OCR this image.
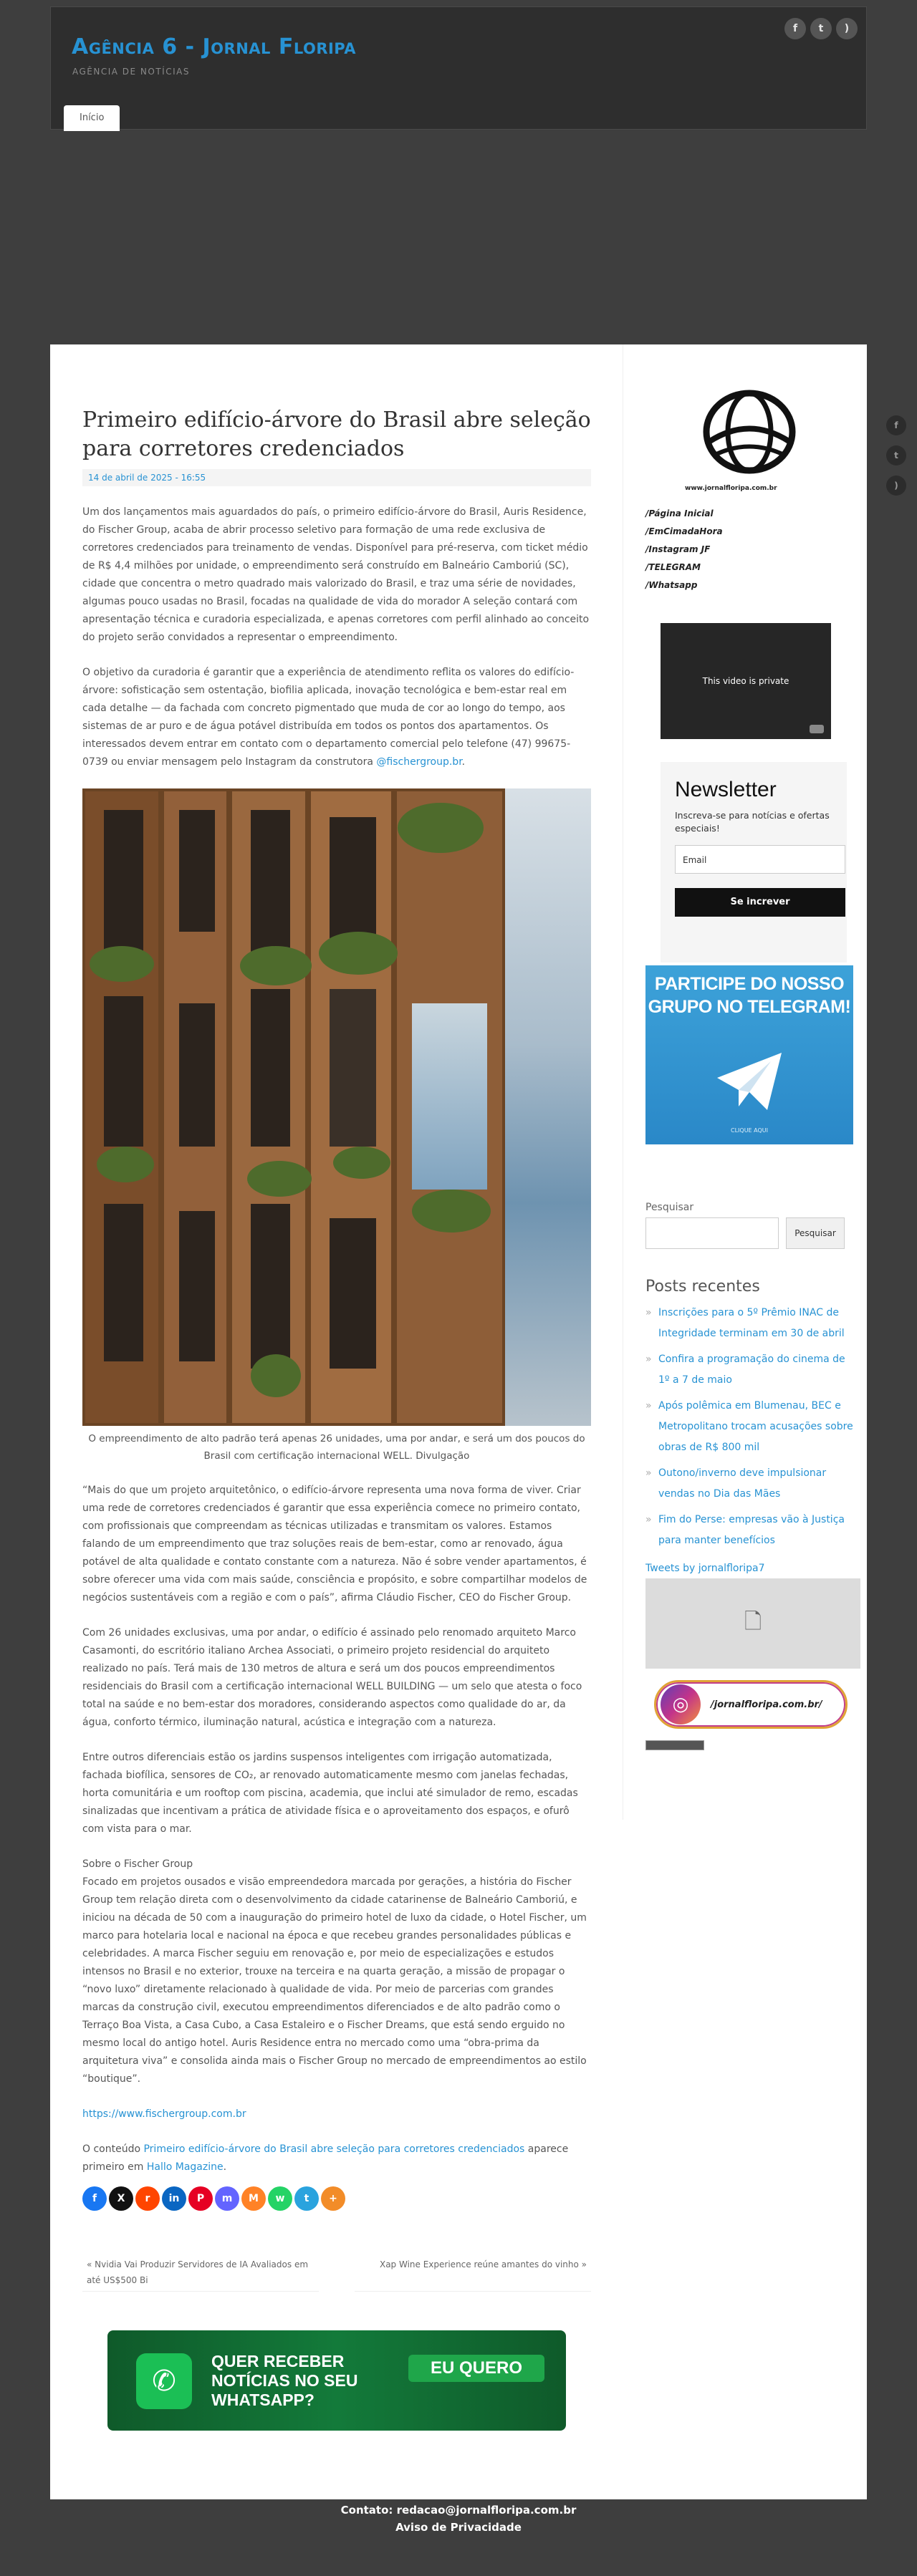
Agência 6 - Jornal Floripa
AGÊNCIA DE NOTÍCIAS
f	t	)
Início
f
t
)
Primeiro edifício-árvore do Brasil abre seleção para corretores credenciados
14 de abril de 2025 - 16:55

Um dos lançamentos mais aguardados do país, o primeiro edifício-árvore do Brasil, Auris Residence, do Fischer Group, acaba de abrir processo seletivo para formação de uma rede exclusiva de corretores credenciados para treinamento de vendas. Disponível para pré-reserva, com ticket médio de R$ 4,4 milhões por unidade, o empreendimento será construído em Balneário Camboriú (SC), cidade que concentra o metro quadrado mais valorizado do Brasil, e traz uma série de novidades, algumas pouco usadas no Brasil, focadas na qualidade de vida do morador A seleção contará com apresentação técnica e curadoria especializada, e apenas corretores com perfil alinhado ao conceito do projeto serão convidados a representar o empreendimento.

O objetivo da curadoria é garantir que a experiência de atendimento reflita os valores do edifício-árvore: sofisticação sem ostentação, biofilia aplicada, inovação tecnológica e bem-estar real em cada detalhe — da fachada com concreto pigmentado que muda de cor ao longo do tempo, aos sistemas de ar puro e de água potável distribuída em todos os pontos dos apartamentos. Os interessados devem entrar em contato com o departamento comercial pelo telefone (47) 99675-0739 ou enviar mensagem pelo Instagram da construtora @fischergroup.br.

O empreendimento de alto padrão terá apenas 26 unidades, uma por andar, e será um dos poucos do Brasil com certificação internacional WELL. Divulgação

“Mais do que um projeto arquitetônico, o edifício-árvore representa uma nova forma de viver. Criar uma rede de corretores credenciados é garantir que essa experiência comece no primeiro contato, com profissionais que compreendam as técnicas utilizadas e transmitam os valores. Estamos falando de um empreendimento que traz soluções reais de bem-estar, como ar renovado, água potável de alta qualidade e contato constante com a natureza. Não é sobre vender apartamentos, é sobre oferecer uma vida com mais saúde, consciência e propósito, e sobre compartilhar modelos de negócios sustentáveis com a região e com o país”, afirma Cláudio Fischer, CEO do Fischer Group.

Com 26 unidades exclusivas, uma por andar, o edifício é assinado pelo renomado arquiteto Marco Casamonti, do escritório italiano Archea Associati, o primeiro projeto residencial do arquiteto realizado no país. Terá mais de 130 metros de altura e será um dos poucos empreendimentos residenciais do Brasil com a certificação internacional WELL BUILDING — um selo que atesta o foco total na saúde e no bem-estar dos moradores, considerando aspectos como qualidade do ar, da água, conforto térmico, iluminação natural, acústica e integração com a natureza.

Entre outros diferenciais estão os jardins suspensos inteligentes com irrigação automatizada, fachada biofílica, sensores de CO₂, ar renovado automaticamente mesmo com janelas fechadas, horta comunitária e um rooftop com piscina, academia, que inclui até simulador de remo, escadas sinalizadas que incentivam a prática de atividade física e o aproveitamento dos espaços, e ofurô com vista para o mar.

Sobre o Fischer Group
Focado em projetos ousados e visão empreendedora marcada por gerações, a história do Fischer Group tem relação direta com o desenvolvimento da cidade catarinense de Balneário Camboriú, e iniciou na década de 50 com a inauguração do primeiro hotel de luxo da cidade, o Hotel Fischer, um marco para hotelaria local e nacional na época e que recebeu grandes personalidades públicas e celebridades. A marca Fischer seguiu em renovação e, por meio de especializações e estudos intensos no Brasil e no exterior, trouxe na terceira e na quarta geração, a missão de propagar o “novo luxo” diretamente relacionado à qualidade de vida. Por meio de parcerias com grandes marcas da construção civil, executou empreendimentos diferenciados e de alto padrão como o Terraço Boa Vista, a Casa Cubo, a Casa Estaleiro e o Fischer Dreams, que está sendo erguido no mesmo local do antigo hotel. Auris Residence entra no mercado como uma “obra-prima da arquitetura viva” e consolida ainda mais o Fischer Group no mercado de empreendimentos ao estilo “boutique”.

https://www.fischergroup.com.br

O conteúdo Primeiro edifício-árvore do Brasil abre seleção para corretores credenciados aparece primeiro em Hallo Magazine.

f	X	r	in	P	m	M	w	t	+
« Nvidia Vai Produzir Servidores de IA Avaliados em até US$500 Bi
Xap Wine Experience reúne amantes do vinho »
✆
QUER RECEBER
NOTÍCIAS NO SEU
WHATSAPP?
EU QUERO
www.jornalfloripa.com.br
/Página Inicial
/EmCimadaHora
/Instagram JF
/TELEGRAM
/Whatsapp
This video is private
Newsletter
Inscreva-se para notícias e ofertas especiais!
Email
Se increver
PARTICIPE DO NOSSO
GRUPO NO TELEGRAM!
CLIQUE AQUI
Pesquisar
Pesquisar
Posts recentes
» Inscrições para o 5º Prêmio INAC de Integridade terminam em 30 de abril
» Confira a programação do cinema de 1º a 7 de maio
» Após polêmica em Blumenau, BEC e Metropolitano trocam acusações sobre obras de R$ 800 mil
» Outono/inverno deve impulsionar vendas no Dia das Mães
» Fim do Perse: empresas vão à Justiça para manter benefícios
Tweets by jornalfloripa7
🗋
◎	/jornalfloripa.com.br/
Contato: redacao@jornalfloripa.com.br
Aviso de Privacidade
